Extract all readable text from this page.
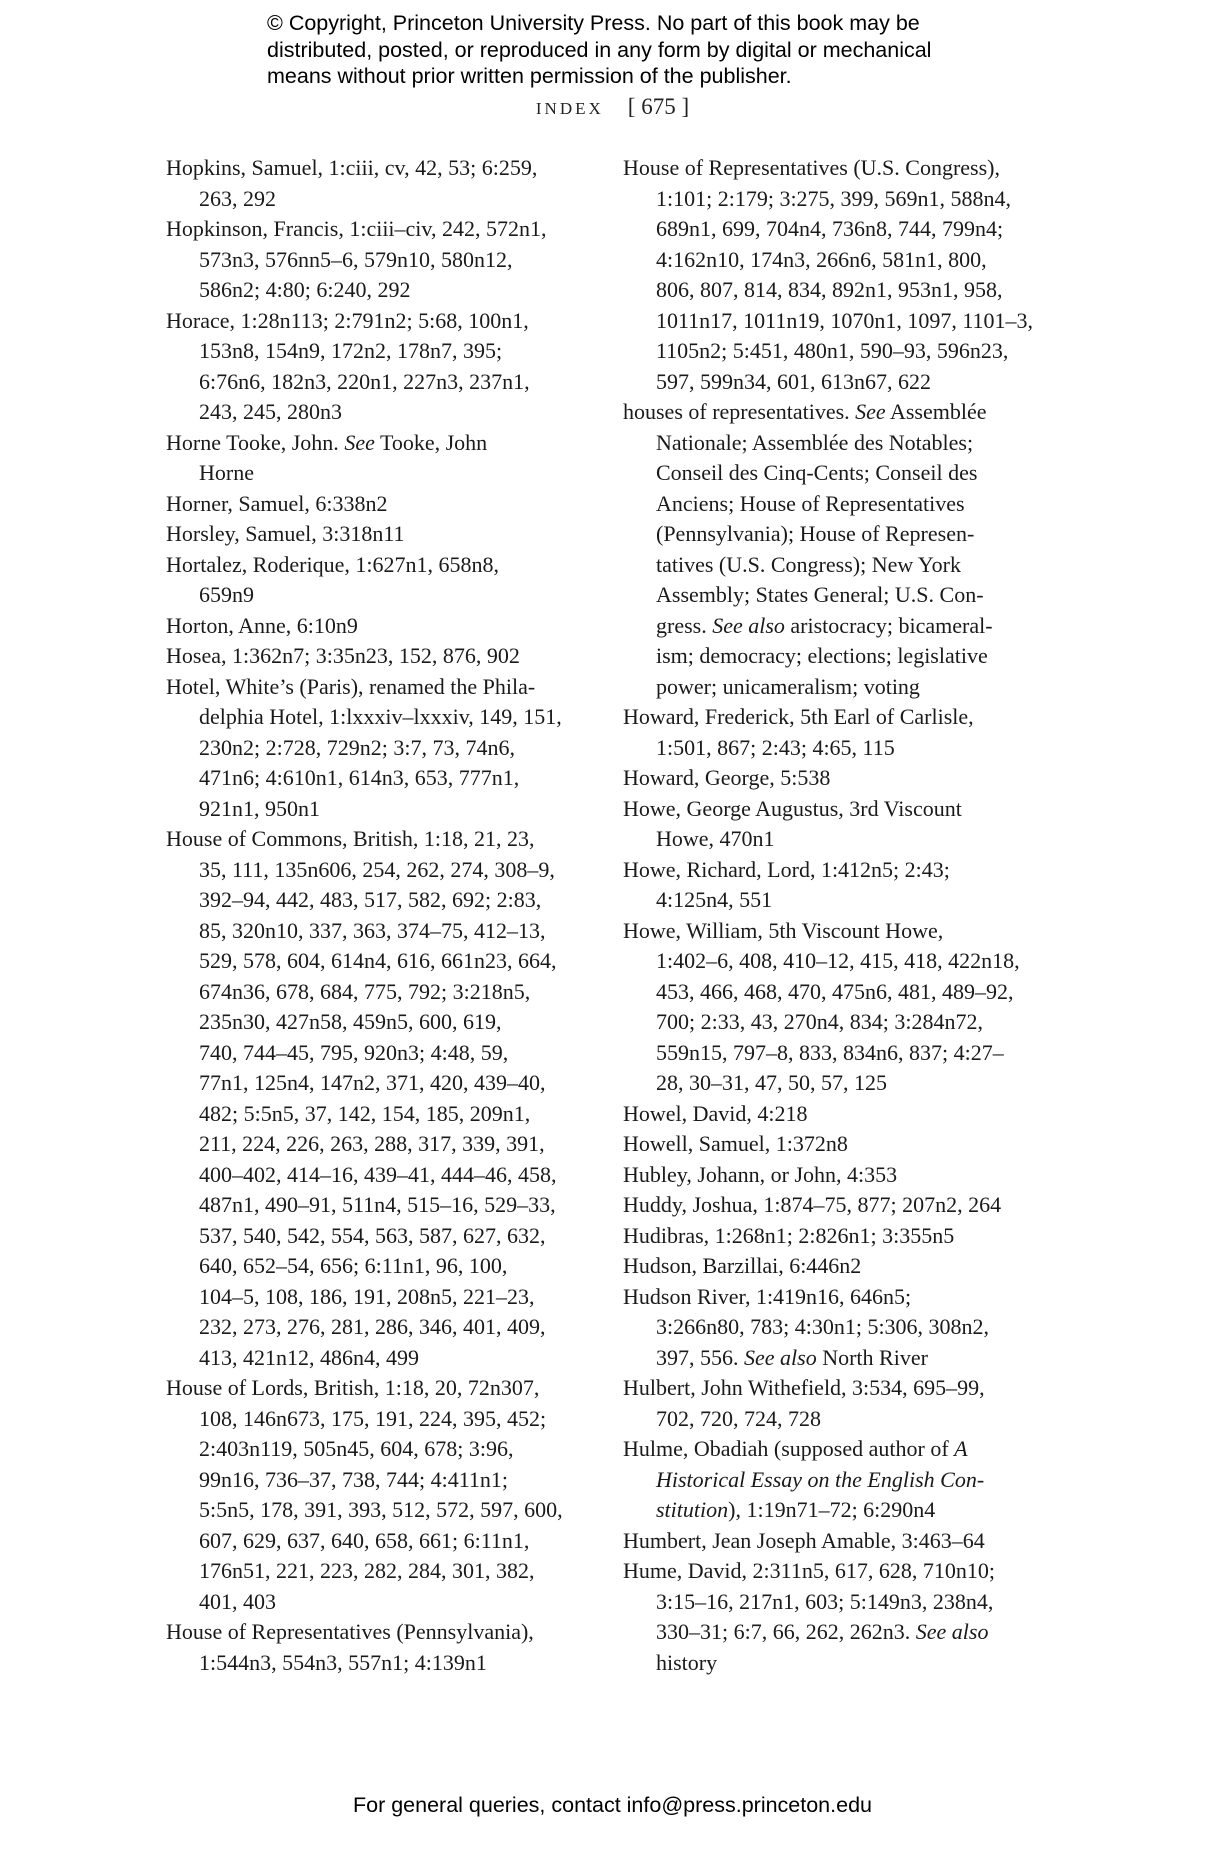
© Copyright, Princeton University Press. No part of this book may be
distributed, posted, or reproduced in any form by digital or mechanical
means without prior written permission of the publisher.
INDEX [ 675 ]

Hopkins, Samuel, 1:ciii, cv, 42, 53; 6:259,
263, 292

Hopkinson, Francis, 1:ciii–civ, 242, 572n1,
573n3, 576nn5–6, 579n10, 580n12,
586n2; 4:80; 6:240, 292

Horace, 1:28n113; 2:791n2; 5:68, 100n1,
153n8, 154n9, 172n2, 178n7, 395;
6:76n6, 182n3, 220n1, 227n3, 237n1,
243, 245, 280n3

Horne Tooke, John. See Tooke, John
Horne

Horner, Samuel, 6:338n2

Horsley, Samuel, 3:318n11

Hortalez, Roderique, 1:627n1, 658n8,
659n9

Horton, Anne, 6:10n9

Hosea, 1:362n7; 3:35n23, 152, 876, 902

Hotel, White’s (Paris), renamed the Phila-
delphia Hotel, 1:lxxxiv–lxxxiv, 149, 151,
230n2; 2:728, 729n2; 3:7, 73, 74n6,
471n6; 4:610n1, 614n3, 653, 777n1,
921n1, 950n1

House of Commons, British, 1:18, 21, 23,
35, 111, 135n606, 254, 262, 274, 308–9,
392–94, 442, 483, 517, 582, 692; 2:83,
85, 320n10, 337, 363, 374–75, 412–13,
529, 578, 604, 614n4, 616, 661n23, 664,
674n36, 678, 684, 775, 792; 3:218n5,
235n30, 427n58, 459n5, 600, 619,
740, 744–45, 795, 920n3; 4:48, 59,
77n1, 125n4, 147n2, 371, 420, 439–40,
482; 5:5n5, 37, 142, 154, 185, 209n1,
211, 224, 226, 263, 288, 317, 339, 391,
400–402, 414–16, 439–41, 444–46, 458,
487n1, 490–91, 511n4, 515–16, 529–33,
537, 540, 542, 554, 563, 587, 627, 632,
640, 652–54, 656; 6:11n1, 96, 100,
104–5, 108, 186, 191, 208n5, 221–23,
232, 273, 276, 281, 286, 346, 401, 409,
413, 421n12, 486n4, 499

House of Lords, British, 1:18, 20, 72n307,
108, 146n673, 175, 191, 224, 395, 452;
2:403n119, 505n45, 604, 678; 3:96,
99n16, 736–37, 738, 744; 4:411n1;
5:5n5, 178, 391, 393, 512, 572, 597, 600,
607, 629, 637, 640, 658, 661; 6:11n1,
176n51, 221, 223, 282, 284, 301, 382,
401, 403

House of Representatives (Pennsylvania),
1:544n3, 554n3, 557n1; 4:139n1

House of Representatives (U.S. Congress),
1:101; 2:179; 3:275, 399, 569n1, 588n4,
689n1, 699, 704n4, 736n8, 744, 799n4;
4:162n10, 174n3, 266n6, 581n1, 800,
806, 807, 814, 834, 892n1, 953n1, 958,
1011n17, 1011n19, 1070n1, 1097, 1101–3,
1105n2; 5:451, 480n1, 590–93, 596n23,
597, 599n34, 601, 613n67, 622

houses of representatives. See Assemblée
Nationale; Assemblée des Notables;
Conseil des Cinq-Cents; Conseil des
Anciens; House of Representatives
(Pennsylvania); House of Represen-
tatives (U.S. Congress); New York
Assembly; States General; U.S. Con-
gress. See also aristocracy; bicameral-
ism; democracy; elections; legislative
power; unicameralism; voting

Howard, Frederick, 5th Earl of Carlisle,
1:501, 867; 2:43; 4:65, 115

Howard, George, 5:538

Howe, George Augustus, 3rd Viscount
Howe, 470n1

Howe, Richard, Lord, 1:412n5; 2:43;
4:125n4, 551

Howe, William, 5th Viscount Howe,
1:402–6, 408, 410–12, 415, 418, 422n18,
453, 466, 468, 470, 475n6, 481, 489–92,
700; 2:33, 43, 270n4, 834; 3:284n72,
559n15, 797–8, 833, 834n6, 837; 4:27–
28, 30–31, 47, 50, 57, 125

Howel, David, 4:218

Howell, Samuel, 1:372n8

Hubley, Johann, or John, 4:353

Huddy, Joshua, 1:874–75, 877; 207n2, 264

Hudibras, 1:268n1; 2:826n1; 3:355n5

Hudson, Barzillai, 6:446n2

Hudson River, 1:419n16, 646n5;
3:266n80, 783; 4:30n1; 5:306, 308n2,
397, 556. See also North River

Hulbert, John Withefield, 3:534, 695–99,
702, 720, 724, 728

Hulme, Obadiah (supposed author of A
Historical Essay on the English Con-
stitution), 1:19n71–72; 6:290n4

Humbert, Jean Joseph Amable, 3:463–64

Hume, David, 2:311n5, 617, 628, 710n10;
3:15–16, 217n1, 603; 5:149n3, 238n4,
330–31; 6:7, 66, 262, 262n3. See also
history

For general queries, contact info@press.princeton.edu
